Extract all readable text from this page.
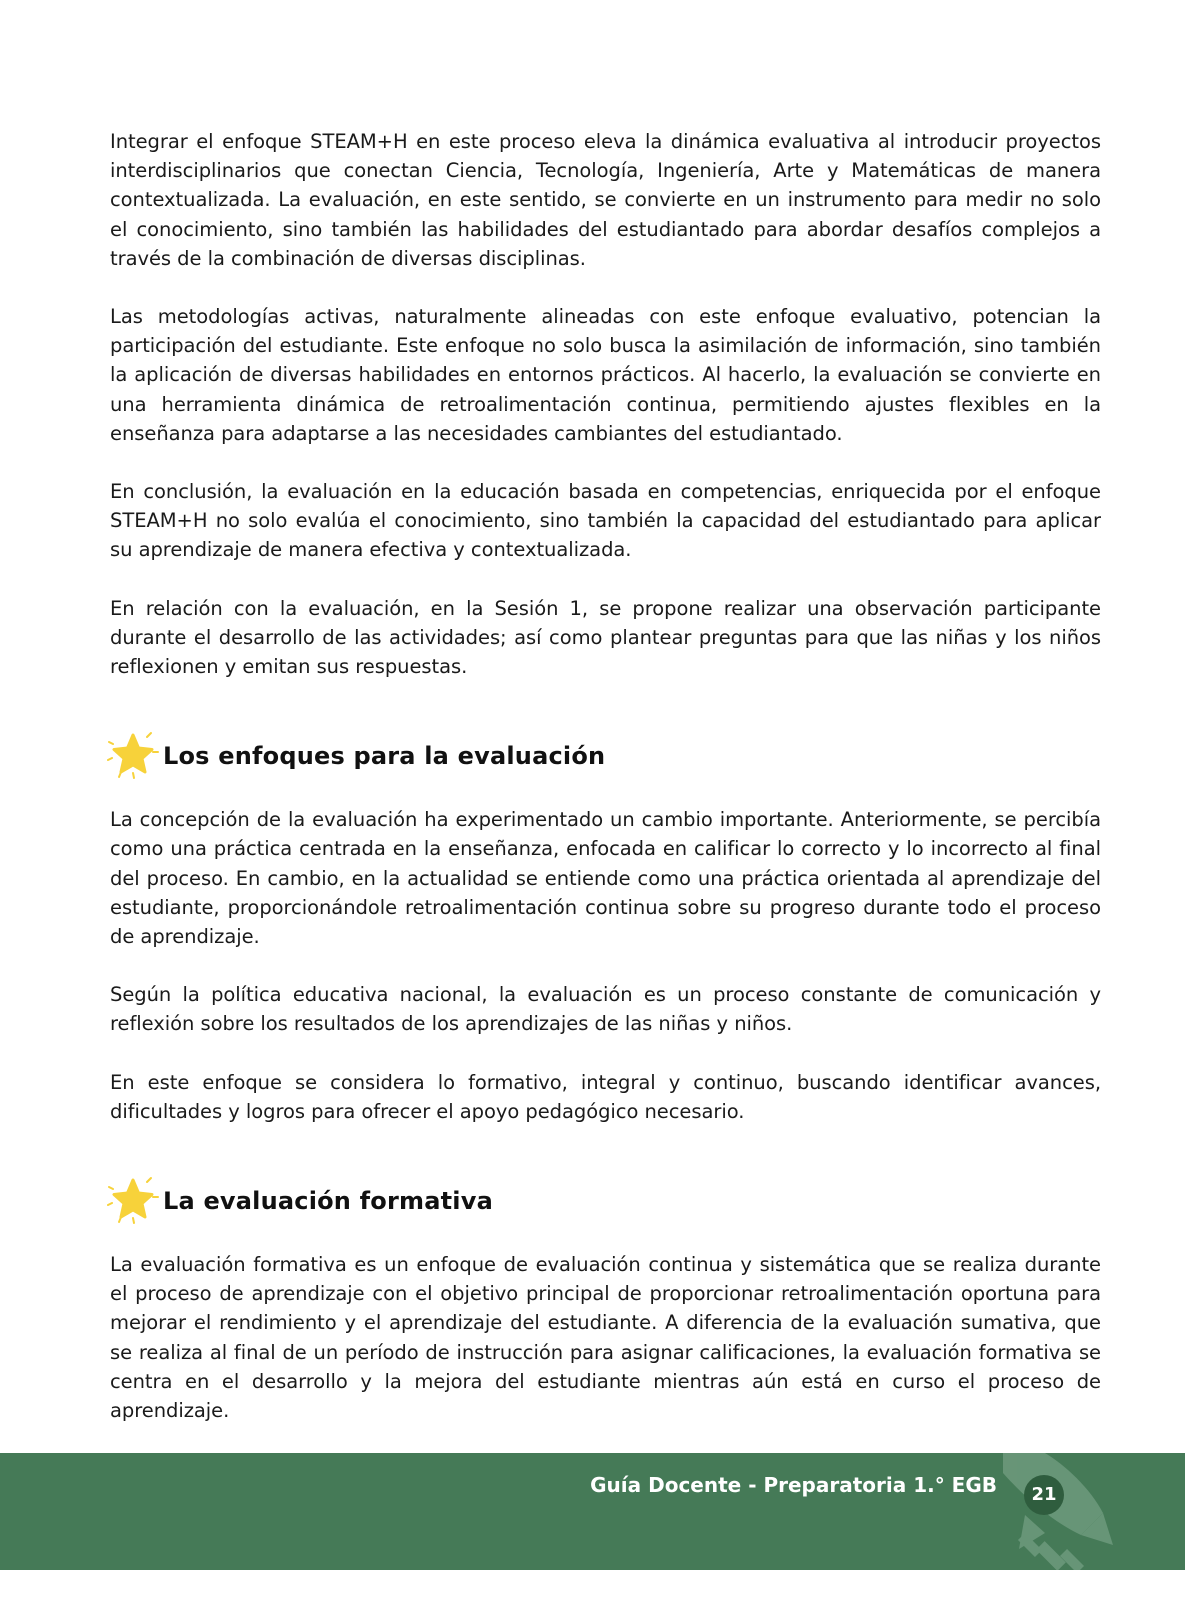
Integrar el enfoque STEAM+H en este proceso eleva la dinámica evaluativa al introducir proyectos interdisciplinarios que conectan Ciencia, Tecnología, Ingeniería, Arte y Matemáticas de manera contextualizada. La evaluación, en este sentido, se convierte en un instrumento para medir no solo el conocimiento, sino también las habilidades del estudiantado para abordar desafíos complejos a través de la combinación de diversas disciplinas.

Las metodologías activas, naturalmente alineadas con este enfoque evaluativo, potencian la participación del estudiante. Este enfoque no solo busca la asimilación de información, sino también la aplicación de diversas habilidades en entornos prácticos. Al hacerlo, la evaluación se convierte en una herramienta dinámica de retroalimentación continua, permitiendo ajustes flexibles en la enseñanza para adaptarse a las necesidades cambiantes del estudiantado.

En conclusión, la evaluación en la educación basada en competencias, enriquecida por el enfoque STEAM+H no solo evalúa el conocimiento, sino también la capacidad del estudiantado para aplicar su aprendizaje de manera efectiva y contextualizada.

En relación con la evaluación, en la Sesión 1, se propone realizar una observación participante durante el desarrollo de las actividades; así como plantear preguntas para que las niñas y los niños reflexionen y emitan sus respuestas.

Los enfoques para la evaluación

La concepción de la evaluación ha experimentado un cambio importante. Anteriormente, se percibía como una práctica centrada en la enseñanza, enfocada en calificar lo correcto y lo incorrecto al final del proceso. En cambio, en la actualidad se entiende como una práctica orientada al aprendizaje del estudiante, proporcionándole retroalimentación continua sobre su progreso durante todo el proceso de aprendizaje.

Según la política educativa nacional, la evaluación es un proceso constante de comunicación y reflexión sobre los resultados de los aprendizajes de las niñas y niños.

En este enfoque se considera lo formativo, integral y continuo, buscando identificar avances, dificultades y logros para ofrecer el apoyo pedagógico necesario.

La evaluación formativa

La evaluación formativa es un enfoque de evaluación continua y sistemática que se realiza durante el proceso de aprendizaje con el objetivo principal de proporcionar retroalimentación oportuna para mejorar el rendimiento y el aprendizaje del estudiante. A diferencia de la evaluación sumativa, que se realiza al final de un período de instrucción para asignar calificaciones, la evaluación formativa se centra en el desarrollo y la mejora del estudiante mientras aún está en curso el proceso de aprendizaje.

Guía Docente - Preparatoria 1.° EGB	21
